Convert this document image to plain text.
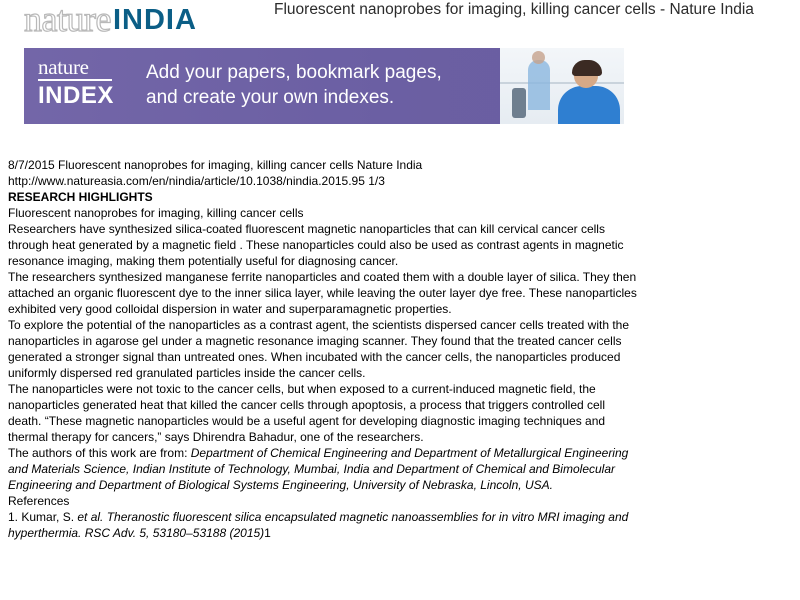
natureINDIA	Fluorescent nanoprobes for imaging, killing cancer cells - Nature India
nature
INDEX
Add your papers, bookmark pages,
and create your own indexes.

8/7/2015 Fluorescent nanoprobes for imaging, killing cancer cells Nature India

http://www.natureasia.com/en/nindia/article/10.1038/nindia.2015.95 1/3

RESEARCH HIGHLIGHTS

Fluorescent nanoprobes for imaging, killing cancer cells

Researchers have synthesized silica-coated fluorescent magnetic nanoparticles that can kill cervical cancer cells through heat generated by a magnetic field . These nanoparticles could also be used as contrast agents in magnetic resonance imaging, making them potentially useful for diagnosing cancer.

The researchers synthesized manganese ferrite nanoparticles and coated them with a double layer of silica. They then attached an organic fluorescent dye to the inner silica layer, while leaving the outer layer dye free. These nanoparticles exhibited very good colloidal dispersion in water and superparamagnetic properties.

To explore the potential of the nanoparticles as a contrast agent, the scientists dispersed cancer cells treated with the nanoparticles in agarose gel under a magnetic resonance imaging scanner. They found that the treated cancer cells generated a stronger signal than untreated ones. When incubated with the cancer cells, the nanoparticles produced uniformly dispersed red granulated particles inside the cancer cells.

The nanoparticles were not toxic to the cancer cells, but when exposed to a current-induced magnetic field, the nanoparticles generated heat that killed the cancer cells through apoptosis, a process that triggers controlled cell death. “These magnetic nanoparticles would be a useful agent for developing diagnostic imaging techniques and thermal therapy for cancers,” says Dhirendra Bahadur, one of the researchers.

The authors of this work are from: Department of Chemical Engineering and Department of Metallurgical Engineering and Materials Science, Indian Institute of Technology, Mumbai, India and Department of Chemical and Bimolecular Engineering and Department of Biological Systems Engineering, University of Nebraska, Lincoln, USA.

References

1. Kumar, S. et al. Theranostic fluorescent silica encapsulated magnetic nanoassemblies for in vitro MRI imaging and hyperthermia. RSC Adv. 5, 53180–53188 (2015)1
